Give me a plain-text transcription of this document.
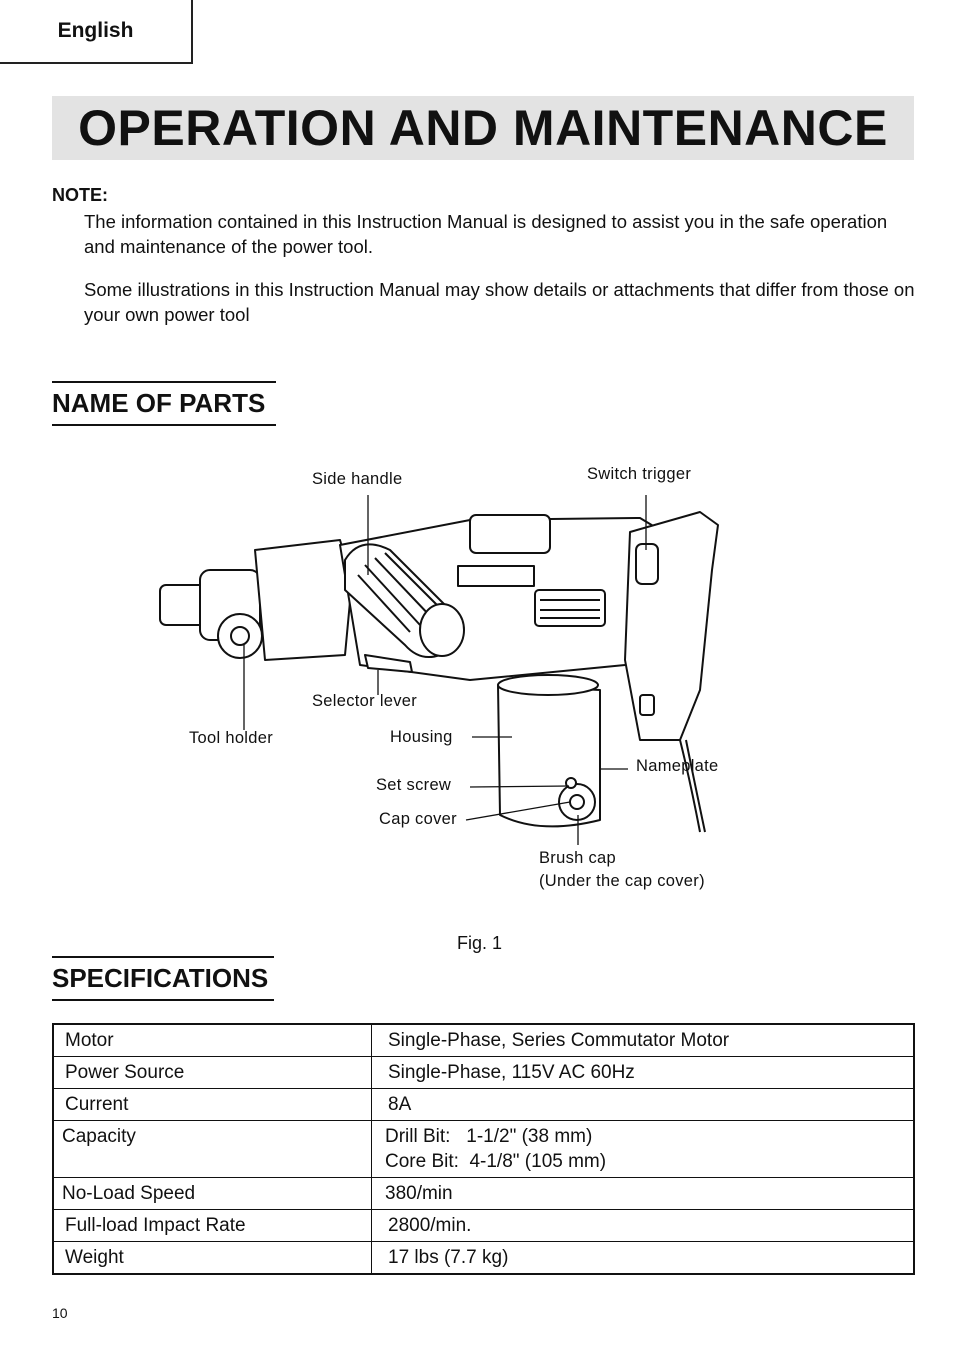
English
OPERATION AND MAINTENANCE
NOTE:
The information contained in this Instruction Manual is designed to assist you in the safe operation and maintenance of the power tool.
Some illustrations in this Instruction Manual may show details or attachments that differ from those on your own power tool
NAME OF PARTS
Side handle	Switch trigger
Selector lever
Tool holder	Housing
Nameplate
Set screw
Cap cover
Brush cap
(Under the cap cover)
Fig. 1
SPECIFICATIONS
Motor	Single-Phase, Series Commutator Motor
Power Source	Single-Phase, 115V AC 60Hz
Current	8A
Capacity	Drill Bit:   1-1/2" (38 mm)
Core Bit:  4-1/8" (105 mm)
No-Load Speed	380/min
Full-load Impact Rate	2800/min.
Weight	17 lbs (7.7 kg)
10
